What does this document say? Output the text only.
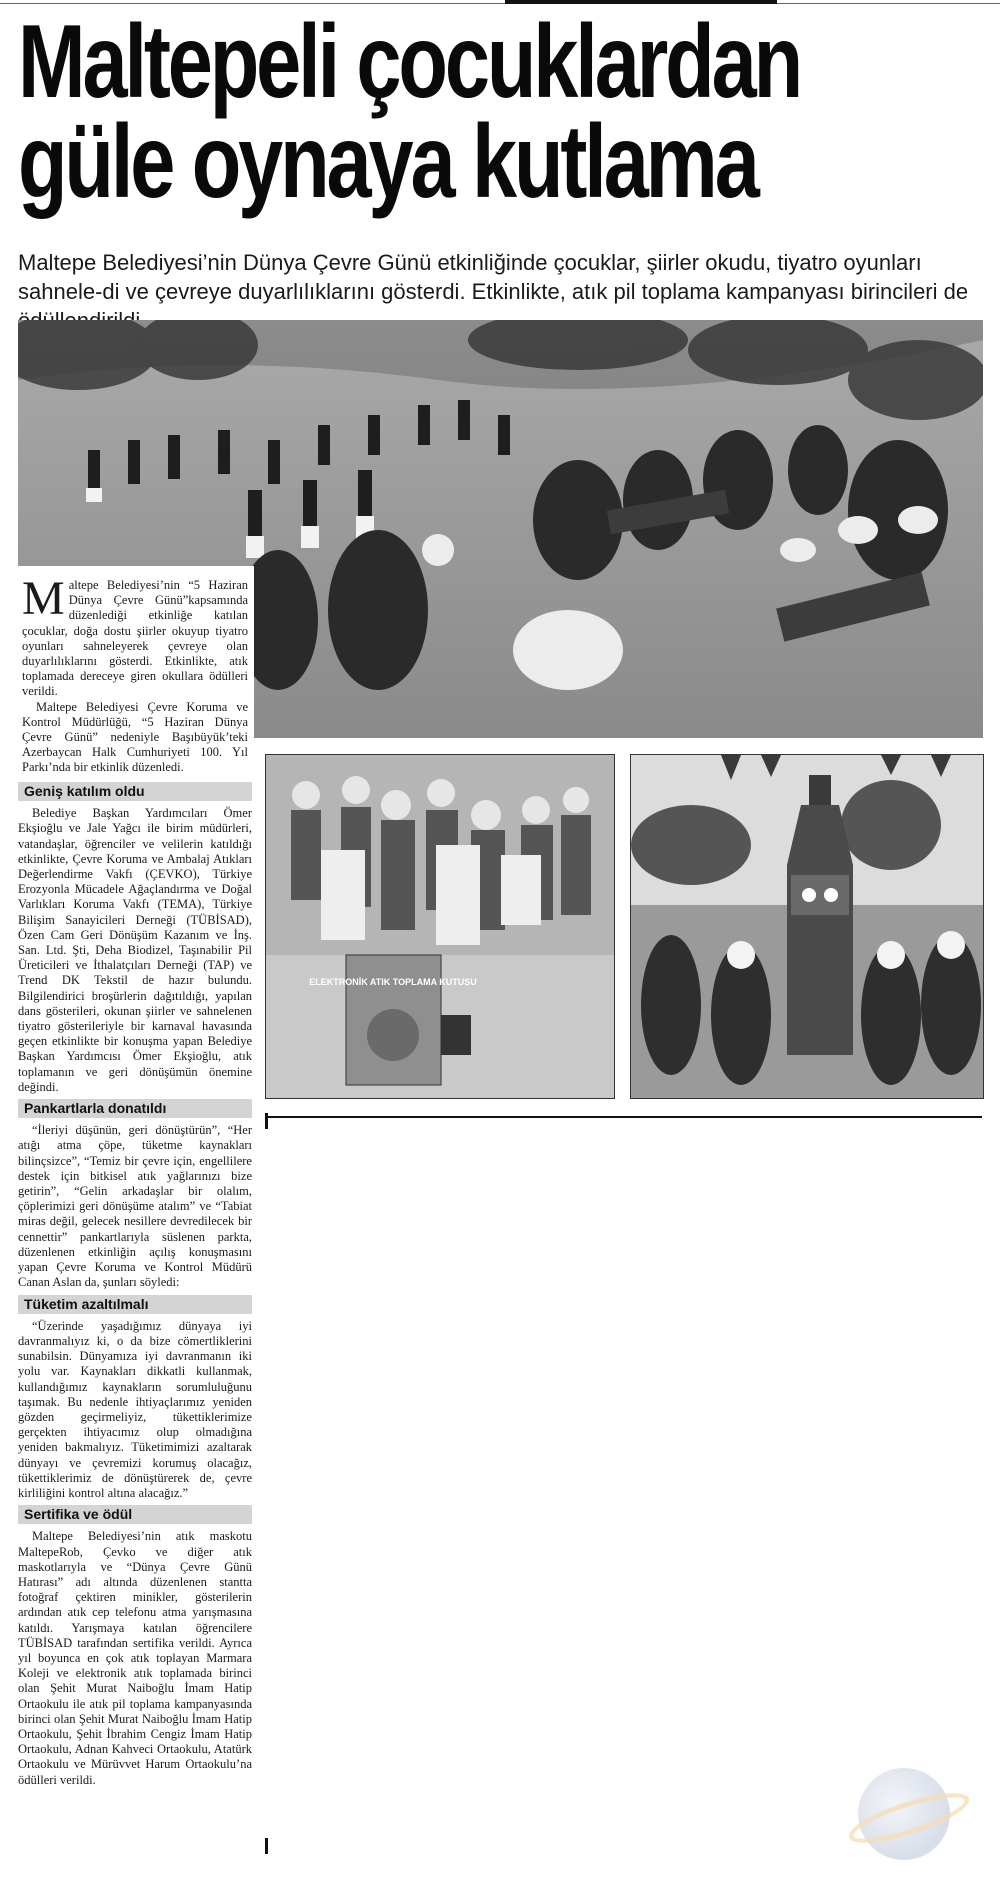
Maltepeli çocuklardan
güle oynaya kutlama

Maltepe Belediyesi’nin Dünya Çevre Günü etkinliğinde çocuklar, şiirler okudu, tiyatro oyunları sahnele-di ve çevreye duyarlılıklarını gösterdi. Etkinlikte, atık pil toplama kampanyası birincileri de

Maltepe Belediyesi’nin “5 Haziran Dünya Çevre Günü”kapsamında düzenlediği etkinliğe katılan çocuklar, doğa dostu şiirler okuyup tiyatro oyunları sahneleyerek çevreye olan duyarlılıklarını gösterdi. Etkinlikte, atık toplamada dereceye giren okullara ödülleri verildi.

Maltepe Belediyesi Çevre Koruma ve Kontrol Müdürlüğü, “5 Haziran Dünya Çevre Günü” nedeniyle Başıbüyük’teki Azerbaycan Halk Cumhuriyeti 100. Yıl Parkı’nda bir etkinlik düzenledi.

Geniş katılım oldu

Belediye Başkan Yardımcıları Ömer Ekşioğlu ve Jale Yağcı ile birim müdürleri, vatandaşlar, öğrenciler ve velilerin katıldığı etkinlikte, Çevre Koruma ve Ambalaj Atıkları Değerlendirme Vakfı (ÇEVKO), Türkiye Erozyonla Mücadele Ağaçlandırma ve Doğal Varlıkları Koruma Vakfı (TEMA), Türkiye Bilişim Sanayicileri Derneği (TÜBİSAD), Özen Cam Geri Dönüşüm Kazanım ve İnş. San. Ltd. Şti, Deha Biodizel, Taşınabilir Pil Üreticileri ve İthalatçıları Derneği (TAP) ve Trend DK Tekstil de hazır bulundu. Bilgilendirici broşürlerin dağıtıldığı, yapılan dans gösterileri, okunan şiirler ve sahnelenen tiyatro gösterileriyle bir karnaval havasında geçen etkinlikte bir konuşma yapan Belediye Başkan Yardımcısı Ömer Ekşioğlu, atık toplamanın ve geri dönüşümün önemine değindi.

Pankartlarla donatıldı

“İleriyi düşünün, geri dönüştürün”, “Her atığı atma çöpe, tüketme kaynakları bilinçsizce”, “Temiz bir çevre için, engellilere destek için bitkisel atık yağlarınızı bize getirin”, “Gelin arkadaşlar bir olalım, çöplerimizi geri dönüşüme atalım” ve “Tabiat miras değil, gelecek nesillere devredilecek bir cennettir” pankartlarıyla süslenen parkta, düzenlenen etkinliğin açılış konuşmasını yapan Çevre Koruma ve Kontrol Müdürü Canan Aslan da, şunları söyledi:

Tüketim azaltılmalı

“Üzerinde yaşadığımız dünyaya iyi davranmalıyız ki, o da bize cömertliklerini sunabilsin. Dünyamıza iyi davranmanın iki yolu var. Kaynakları dikkatli kullanmak, kullandığımız kaynakların sorumluluğunu taşımak. Bu nedenle ihtiyaçlarımız yeniden gözden geçirmeliyiz, tükettiklerimize gerçekten ihtiyacımız olup olmadığına yeniden bakmalıyız. Tüketimimizi azaltarak dünyayı ve çevremizi korumuş olacağız, tükettiklerimiz de dönüştürerek de, çevre kirliliğini kontrol altına alacağız.”

Sertifika ve ödül

Maltepe Belediyesi’nin atık maskotu MaltepeRob, Çevko ve diğer atık maskotlarıyla ve “Dünya Çevre Günü Hatırası” adı altında düzenlenen stantta fotoğraf çektiren minikler, gösterilerin ardından atık cep telefonu atma yarışmasına katıldı. Yarışmaya katılan öğrencilere TÜBİSAD tarafından sertifika verildi. Ayrıca yıl boyunca en çok atık toplayan Marmara Koleji ve elektronik atık toplamada birinci olan Şehit Murat Naiboğlu İmam Hatip Ortaokulu ile atık pil toplama kampanyasında birinci olan Şehit Murat Naiboğlu İmam Hatip Ortaokulu, Şehit İbrahim Cengiz İmam Hatip Ortaokulu, Adnan Kahveci Ortaokulu, Atatürk Ortaokulu ve Mürüvvet Harum Ortaokulu’na ödülleri verildi.

ELEKTRONİK ATIK TOPLAMA KUTUSU
